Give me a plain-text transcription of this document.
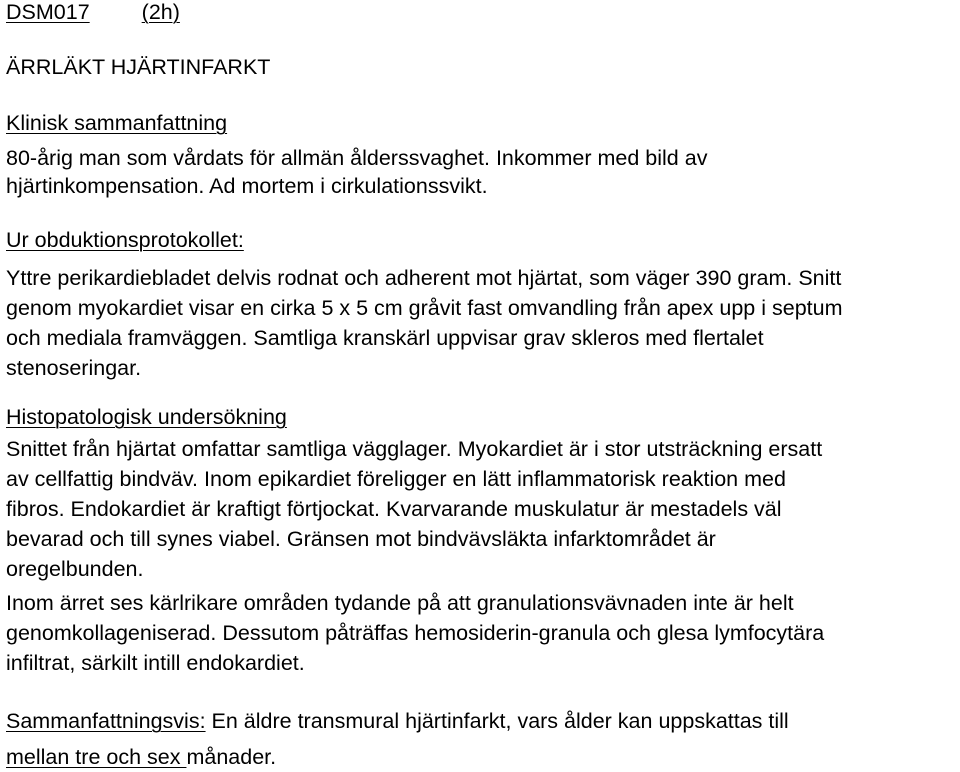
DSM017 (2h)
ÄRRLÄKT HJÄRTINFARKT
Klinisk sammanfattning
80-årig man som vårdats för allmän ålderssvaghet. Inkommer med bild av
hjärtinkompensation. Ad mortem i cirkulationssvikt.
Ur obduktionsprotokollet:
Yttre perikardiebladet delvis rodnat och adherent mot hjärtat, som väger 390 gram. Snitt
genom myokardiet visar en cirka 5 x 5 cm gråvit fast omvandling från apex upp i septum
och mediala framväggen. Samtliga kranskärl uppvisar grav skleros med flertalet
stenoseringar.
Histopatologisk undersökning
Snittet från hjärtat omfattar samtliga vägglager. Myokardiet är i stor utsträckning ersatt
av cellfattig bindväv. Inom epikardiet föreligger en lätt inflammatorisk reaktion med
fibros. Endokardiet är kraftigt förtjockat. Kvarvarande muskulatur är mestadels väl
bevarad och till synes viabel. Gränsen mot bindvävsläkta infarktområdet är
oregelbunden.
Inom ärret ses kärlrikare områden tydande på att granulationsvävnaden inte är helt
genomkollageniserad. Dessutom påträffas hemosiderin-granula och glesa lymfocytära
infiltrat, särkilt intill endokardiet.
Sammanfattningsvis: En äldre transmural hjärtinfarkt, vars ålder kan uppskattas till
mellan tre och sex månader.
